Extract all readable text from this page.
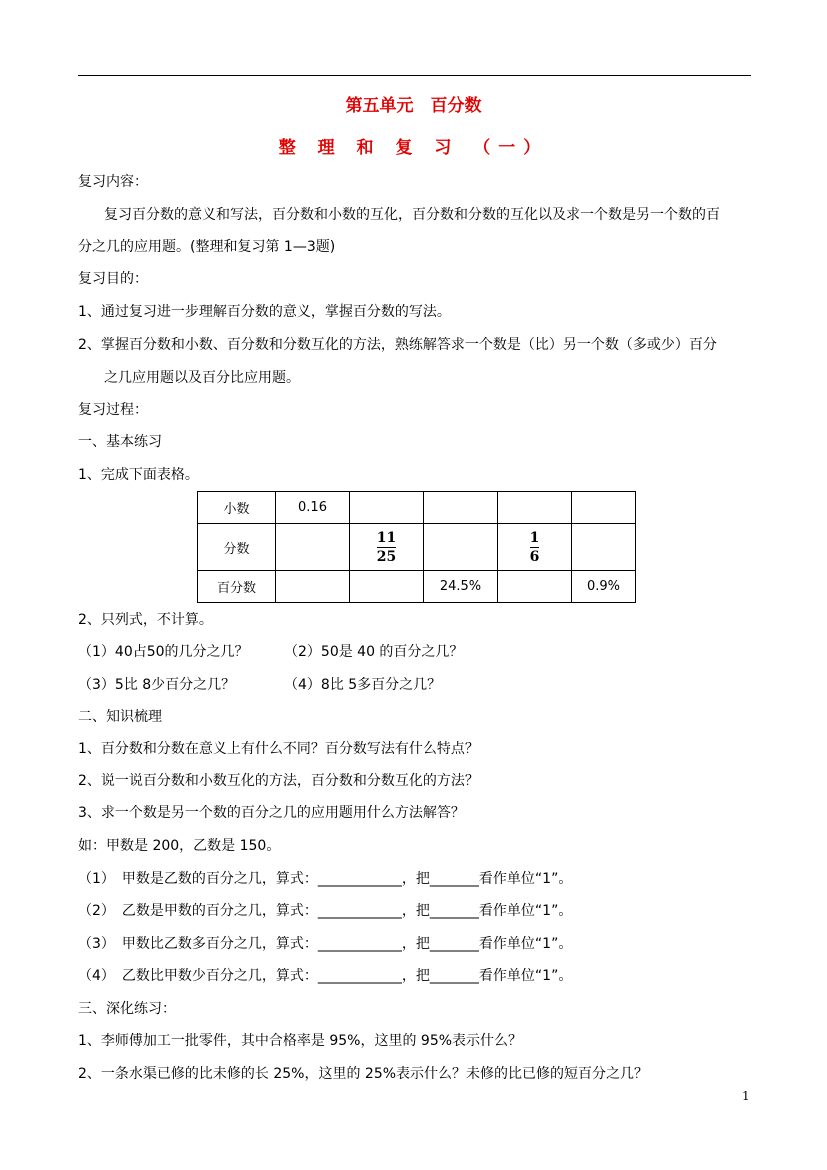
第五单元　百分数
整 理 和 复 习 （一）
复习内容：
复习百分数的意义和写法，百分数和小数的互化，百分数和分数的互化以及求一个数是另一个数的百
分之几的应用题。(整理和复习第 1—3题)
复习目的：
1、通过复习进一步理解百分数的意义，掌握百分数的写法。
2、掌握百分数和小数、百分数和分数互化的方法，熟练解答求一个数是（比）另一个数（多或少）百分
之几应用题以及百分比应用题。
复习过程：
一、基本练习
1、完成下面表格。
小数	0.16				
分数		$\frac{11}{25}$		$\frac{1}{6}$

百分数			24.5%		0.9%
2、只列式，不计算。
（1）40占50的几分之几？	（2）50是 40 的百分之几？
（3）5比 8少百分之几？	（4）8比 5多百分之几？
二、知识梳理
1、百分数和分数在意义上有什么不同？百分数写法有什么特点？
2、说一说百分数和小数互化的方法，百分数和分数互化的方法？
3、求一个数是另一个数的百分之几的应用题用什么方法解答？
如：甲数是 200，乙数是 150。
（1）　甲数是乙数的百分之几，算式：____________，把_______看作单位“1”。
（2）　乙数是甲数的百分之几，算式：____________，把_______看作单位“1”。
（3）　甲数比乙数多百分之几，算式：____________，把_______看作单位“1”。
（4）　乙数比甲数少百分之几，算式：____________，把_______看作单位“1”。
三、深化练习：
1、李师傅加工一批零件，其中合格率是 95%，这里的 95%表示什么？
2、一条水渠已修的比未修的长 25%，这里的 25%表示什么？未修的比已修的短百分之几？
1
